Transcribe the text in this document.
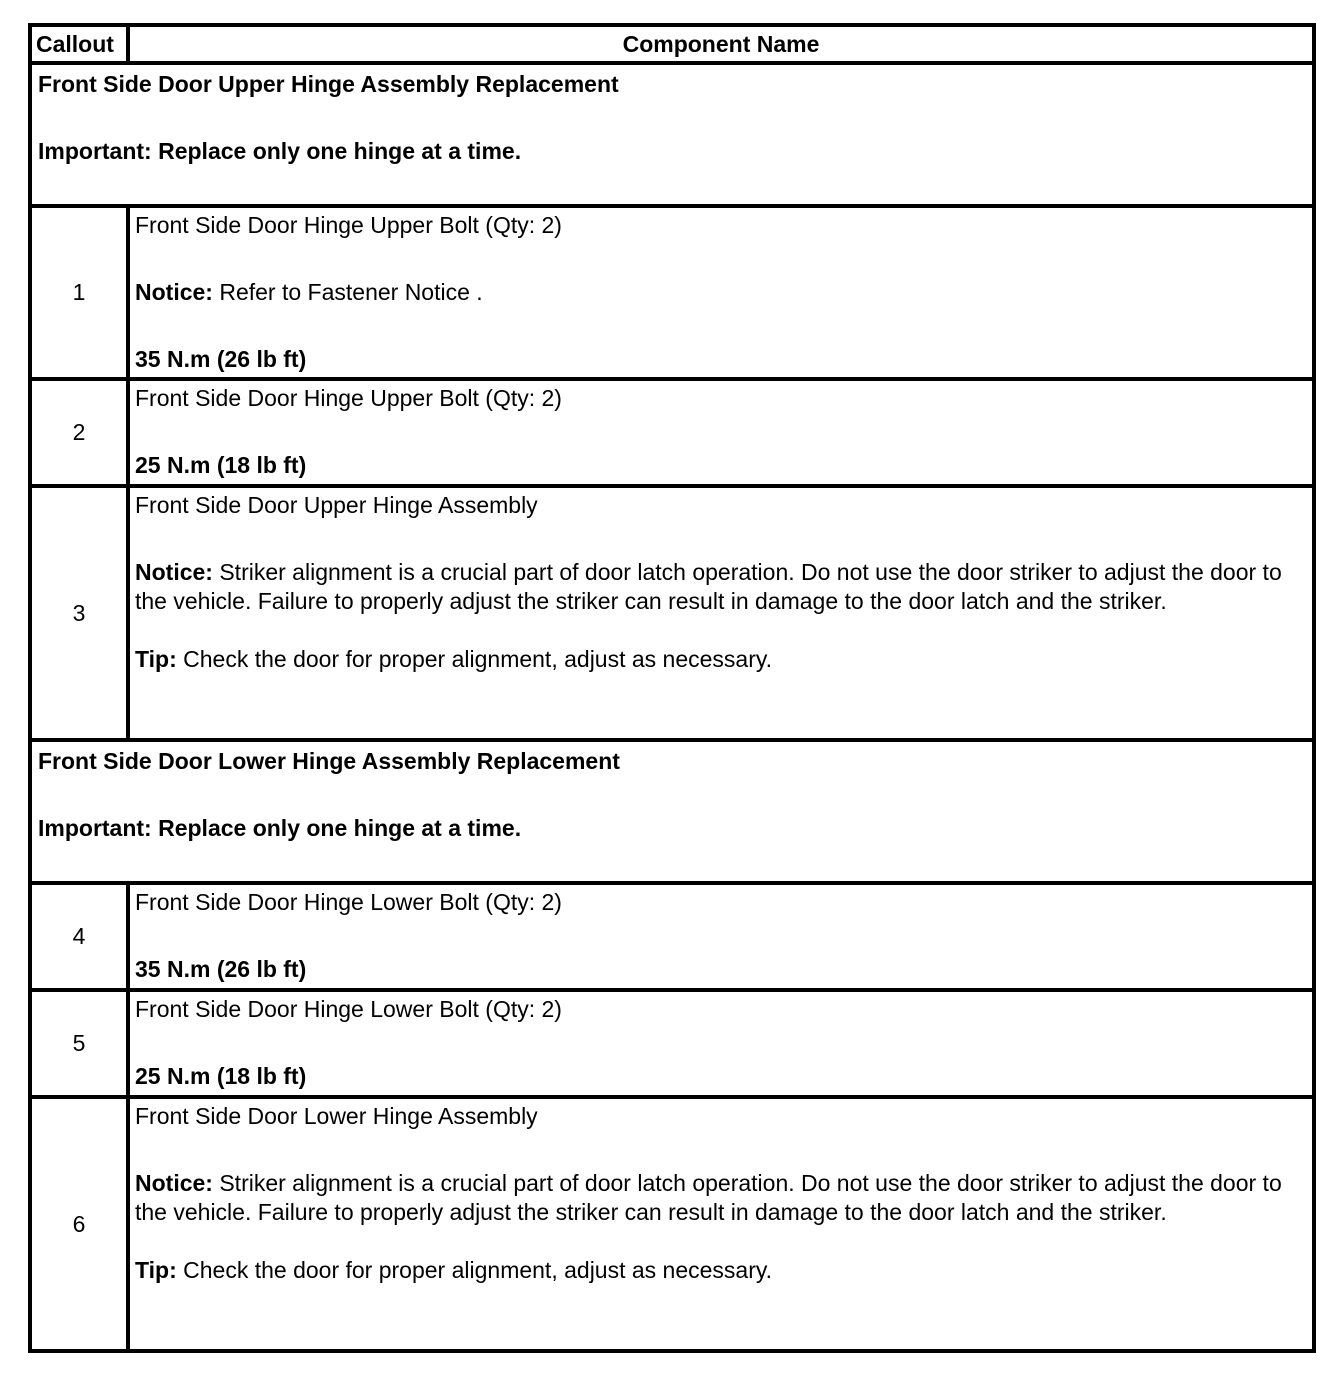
Callout	Component Name

Front Side Door Upper Hinge Assembly Replacement

Important: Replace only one hinge at a time.	

1	Front Side Door Hinge Upper Bolt (Qty: 2)

Notice: Refer to Fastener Notice .

35 N.m (26 lb ft)

2	Front Side Door Hinge Upper Bolt (Qty: 2)

25 N.m (18 lb ft)

3	Front Side Door Upper Hinge Assembly

Notice: Striker alignment is a crucial part of door latch operation. Do not use the door striker to adjust the door to the vehicle. Failure to properly adjust the striker can result in damage to the door latch and the striker.

Tip: Check the door for proper alignment, adjust as necessary.

Front Side Door Lower Hinge Assembly Replacement

Important: Replace only one hinge at a time.	

4	Front Side Door Hinge Lower Bolt (Qty: 2)

35 N.m (26 lb ft)

5	Front Side Door Hinge Lower Bolt (Qty: 2)

25 N.m (18 lb ft)

6	Front Side Door Lower Hinge Assembly

Notice: Striker alignment is a crucial part of door latch operation. Do not use the door striker to adjust the door to the vehicle. Failure to properly adjust the striker can result in damage to the door latch and the striker.

Tip: Check the door for proper alignment, adjust as necessary.
